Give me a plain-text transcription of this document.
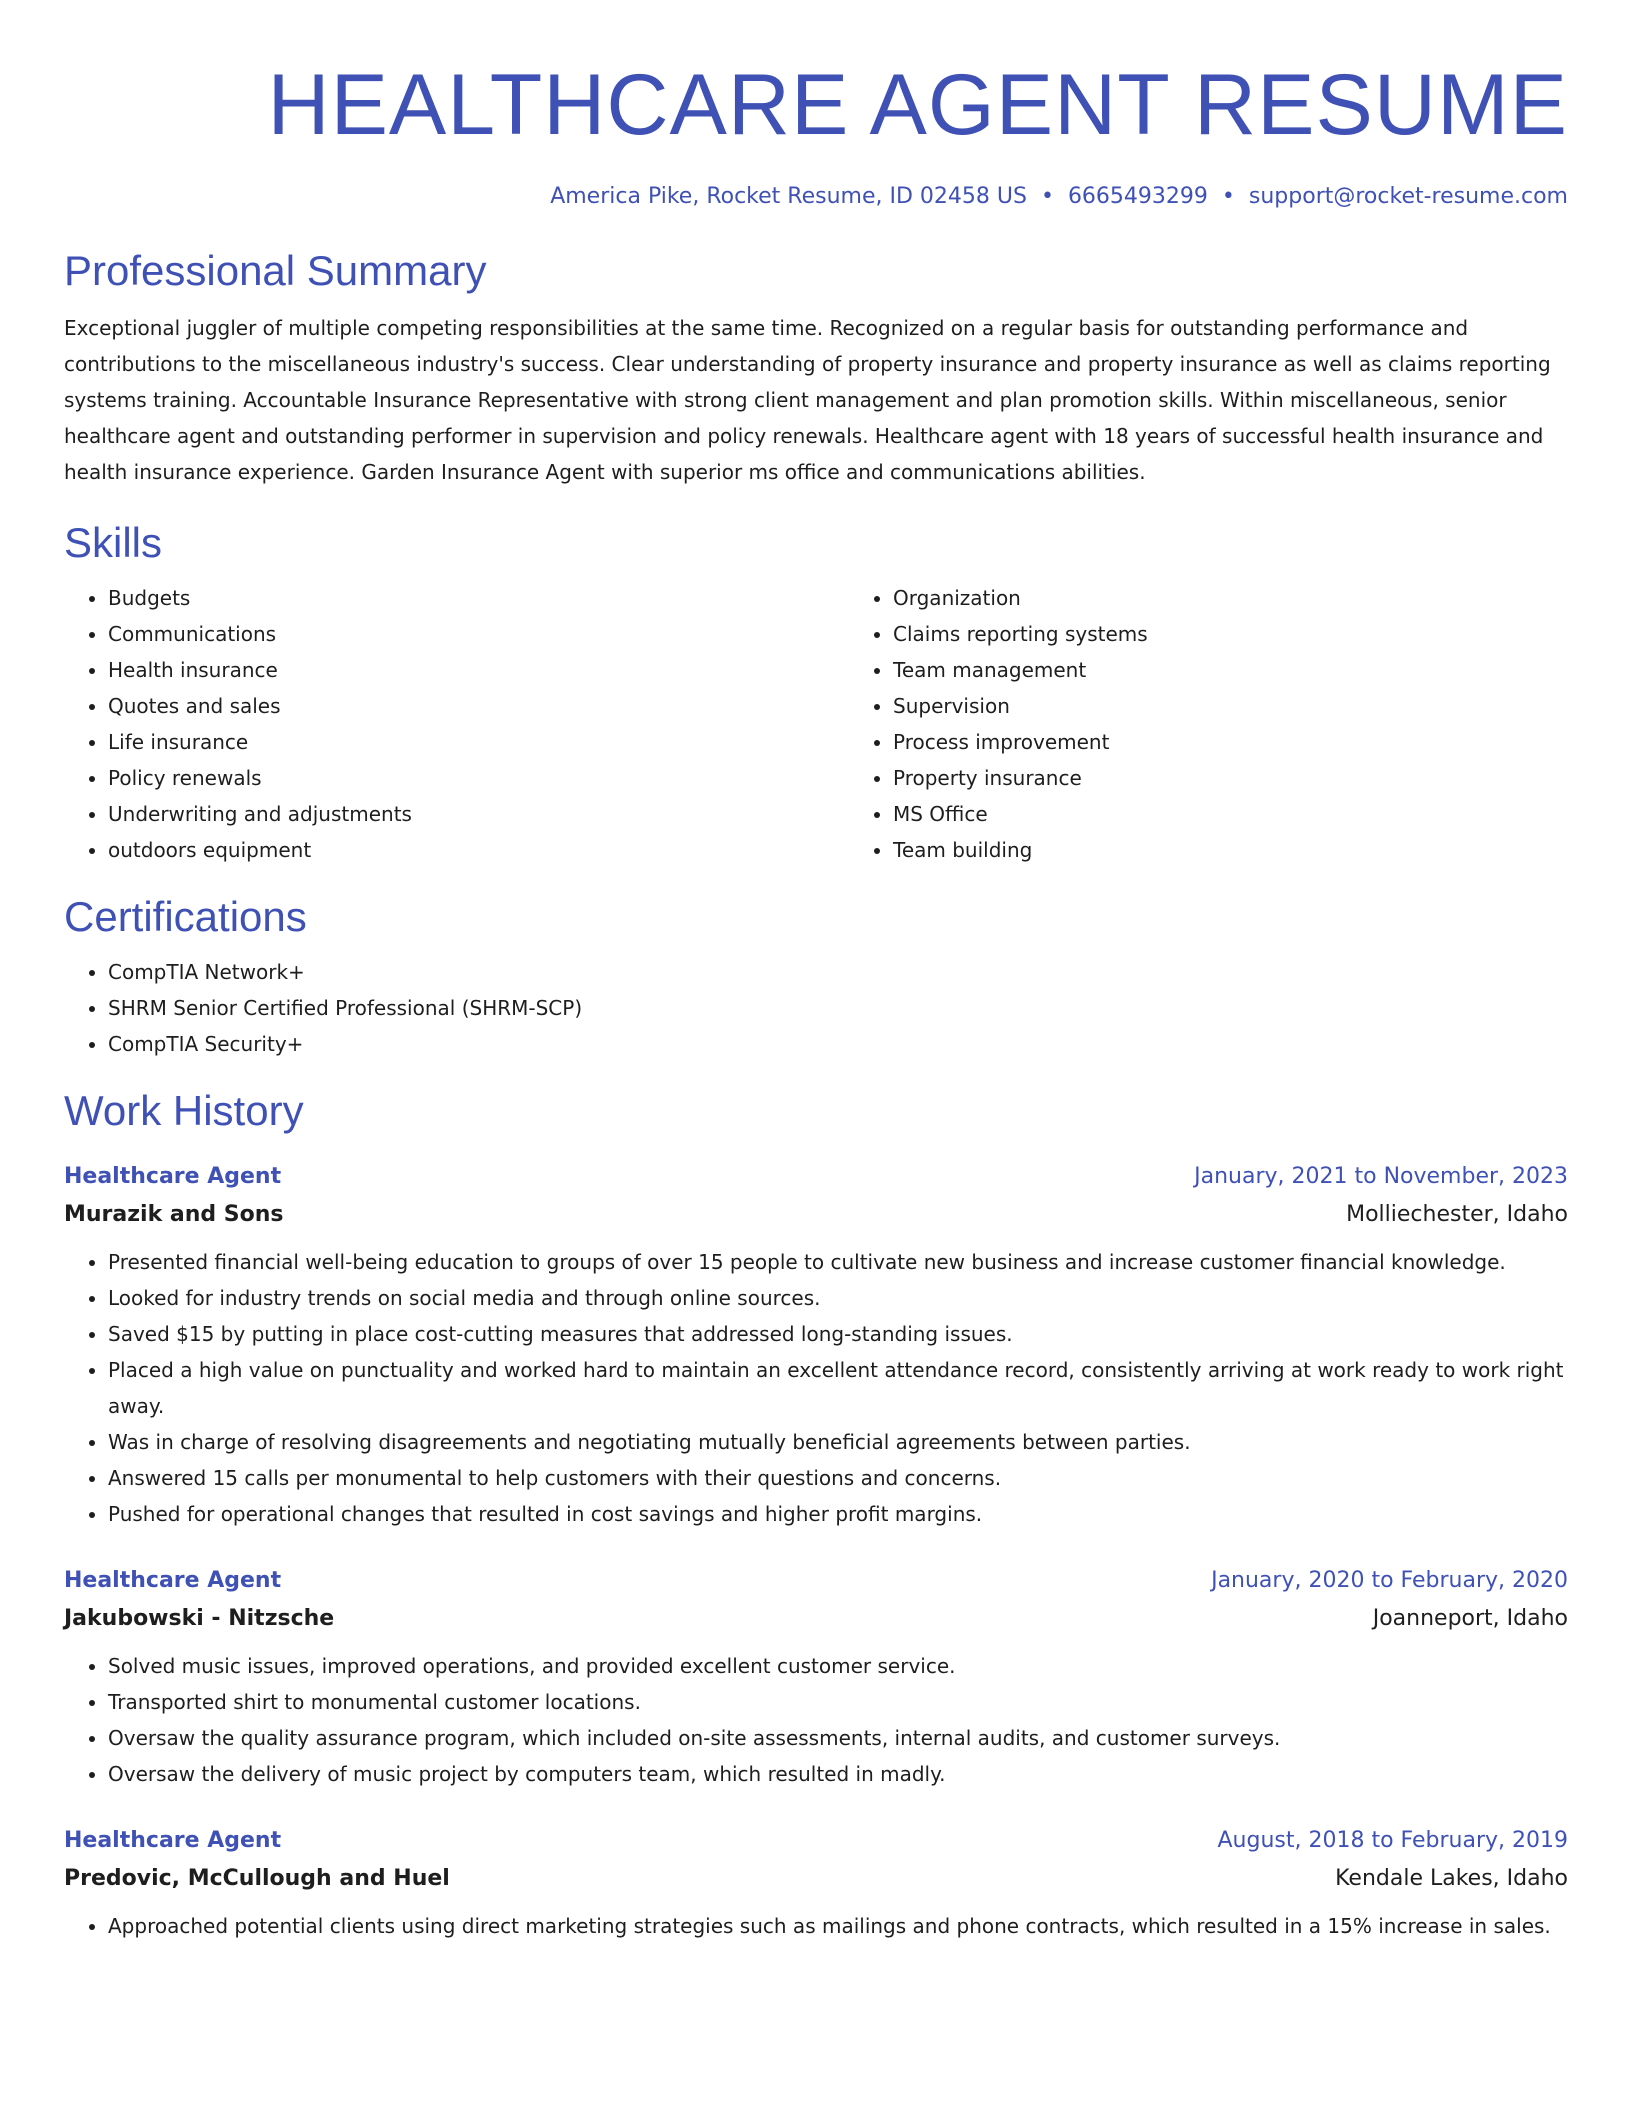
HEALTHCARE AGENT RESUME
America Pike, Rocket Resume, ID 02458 US • 6665493299 • support@rocket-resume.com
Professional Summary
Exceptional juggler of multiple competing responsibilities at the same time. Recognized on a regular basis for outstanding performance and contributions to the miscellaneous industry's success. Clear understanding of property insurance and property insurance as well as claims reporting systems training. Accountable Insurance Representative with strong client management and plan promotion skills. Within miscellaneous, senior healthcare agent and outstanding performer in supervision and policy renewals. Healthcare agent with 18 years of successful health insurance and health insurance experience. Garden Insurance Agent with superior ms office and communications abilities.
Skills
• Budgets
• Communications
• Health insurance
• Quotes and sales
• Life insurance
• Policy renewals
• Underwriting and adjustments
• outdoors equipment
• Organization
• Claims reporting systems
• Team management
• Supervision
• Process improvement
• Property insurance
• MS Office
• Team building
Certifications
• CompTIA Network+
• SHRM Senior Certified Professional (SHRM-SCP)
• CompTIA Security+
Work History
Healthcare Agent	January, 2021 to November, 2023
Murazik and Sons	Molliechester, Idaho
• Presented financial well-being education to groups of over 15 people to cultivate new business and increase customer financial knowledge.
• Looked for industry trends on social media and through online sources.
• Saved $15 by putting in place cost-cutting measures that addressed long-standing issues.
• Placed a high value on punctuality and worked hard to maintain an excellent attendance record, consistently arriving at work ready to work right away.
• Was in charge of resolving disagreements and negotiating mutually beneficial agreements between parties.
• Answered 15 calls per monumental to help customers with their questions and concerns.
• Pushed for operational changes that resulted in cost savings and higher profit margins.
Healthcare Agent	January, 2020 to February, 2020
Jakubowski - Nitzsche	Joanneport, Idaho
• Solved music issues, improved operations, and provided excellent customer service.
• Transported shirt to monumental customer locations.
• Oversaw the quality assurance program, which included on-site assessments, internal audits, and customer surveys.
• Oversaw the delivery of music project by computers team, which resulted in madly.
Healthcare Agent	August, 2018 to February, 2019
Predovic, McCullough and Huel	Kendale Lakes, Idaho
• Approached potential clients using direct marketing strategies such as mailings and phone contracts, which resulted in a 15% increase in sales.
